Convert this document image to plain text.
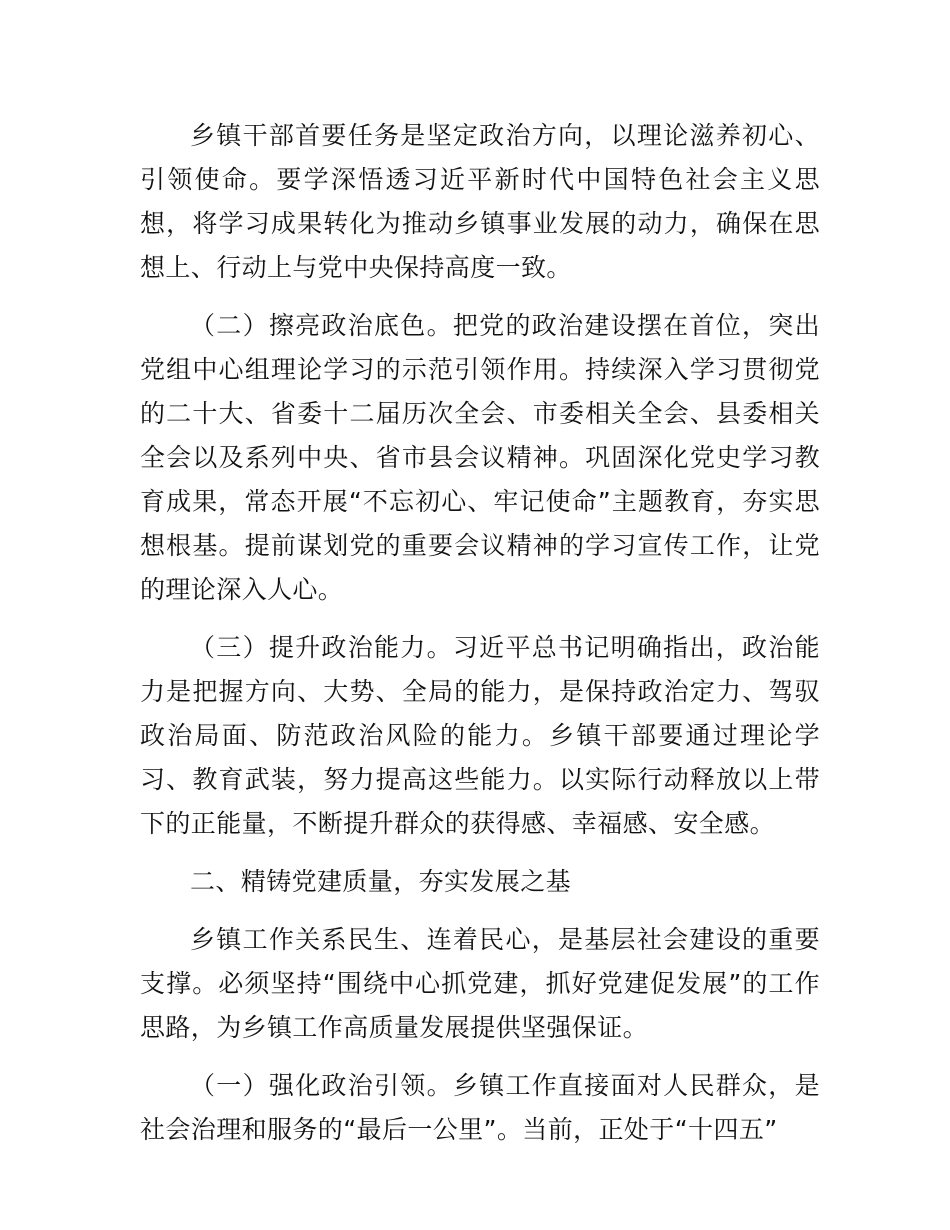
乡镇干部首要任务是坚定政治方向，以理论滋养初心、引领使命。要学深悟透习近平新时代中国特色社会主义思想，将学习成果转化为推动乡镇事业发展的动力，确保在思想上、行动上与党中央保持高度一致。

（二）擦亮政治底色。把党的政治建设摆在首位，突出党组中心组理论学习的示范引领作用。持续深入学习贯彻党的二十大、省委十二届历次全会、市委相关全会、县委相关全会以及系列中央、省市县会议精神。巩固深化党史学习教育成果，常态开展“不忘初心、牢记使命”主题教育，夯实思想根基。提前谋划党的重要会议精神的学习宣传工作，让党的理论深入人心。

（三）提升政治能力。习近平总书记明确指出，政治能力是把握方向、大势、全局的能力，是保持政治定力、驾驭政治局面、防范政治风险的能力。乡镇干部要通过理论学习、教育武装，努力提高这些能力。以实际行动释放以上带下的正能量，不断提升群众的获得感、幸福感、安全感。

二、精铸党建质量，夯实发展之基

乡镇工作关系民生、连着民心，是基层社会建设的重要支撑。必须坚持“围绕中心抓党建，抓好党建促发展”的工作思路，为乡镇工作高质量发展提供坚强保证。

（一）强化政治引领。乡镇工作直接面对人民群众，是社会治理和服务的“最后一公里”。当前，正处于“十四五”
